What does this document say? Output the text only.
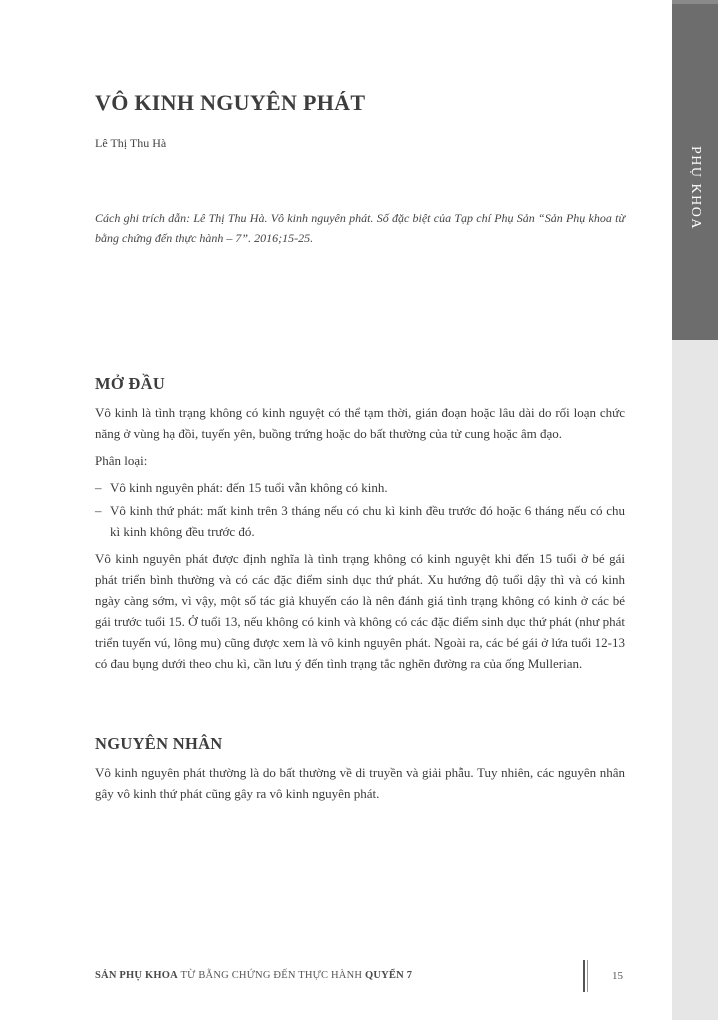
PHỤ KHOA
VÔ KINH NGUYÊN PHÁT
Lê Thị Thu Hà
Cách ghi trích dẫn: Lê Thị Thu Hà. Vô kinh nguyên phát. Số đặc biệt của Tạp chí Phụ Sản “Sản Phụ khoa từ bằng chứng đến thực hành – 7”. 2016;15-25.
MỞ ĐẦU

Vô kinh là tình trạng không có kinh nguyệt có thể tạm thời, gián đoạn hoặc lâu dài do rối loạn chức năng ở vùng hạ đồi, tuyến yên, buồng trứng hoặc do bất thường của tử cung hoặc âm đạo.

Phân loại:

– Vô kinh nguyên phát: đến 15 tuổi vẫn không có kinh.
– Vô kinh thứ phát: mất kinh trên 3 tháng nếu có chu kì kinh đều trước đó hoặc 6 tháng nếu có chu kì kinh không đều trước đó.

Vô kinh nguyên phát được định nghĩa là tình trạng không có kinh nguyệt khi đến 15 tuổi ở bé gái phát triển bình thường và có các đặc điểm sinh dục thứ phát. Xu hướng độ tuổi dậy thì và có kinh ngày càng sớm, vì vậy, một số tác giả khuyến cáo là nên đánh giá tình trạng không có kinh ở các bé gái trước tuổi 15. Ở tuổi 13, nếu không có kinh và không có các đặc điểm sinh dục thứ phát (như phát triển tuyến vú, lông mu) cũng được xem là vô kinh nguyên phát. Ngoài ra, các bé gái ở lứa tuổi 12-13 có đau bụng dưới theo chu kì, cần lưu ý đến tình trạng tắc nghẽn đường ra của ống Mullerian.

NGUYÊN NHÂN

Vô kinh nguyên phát thường là do bất thường về di truyền và giải phẫu. Tuy nhiên, các nguyên nhân gây vô kinh thứ phát cũng gây ra vô kinh nguyên phát.

SẢN PHỤ KHOA TỪ BẰNG CHỨNG ĐẾN THỰC HÀNH QUYỂN 7	15
